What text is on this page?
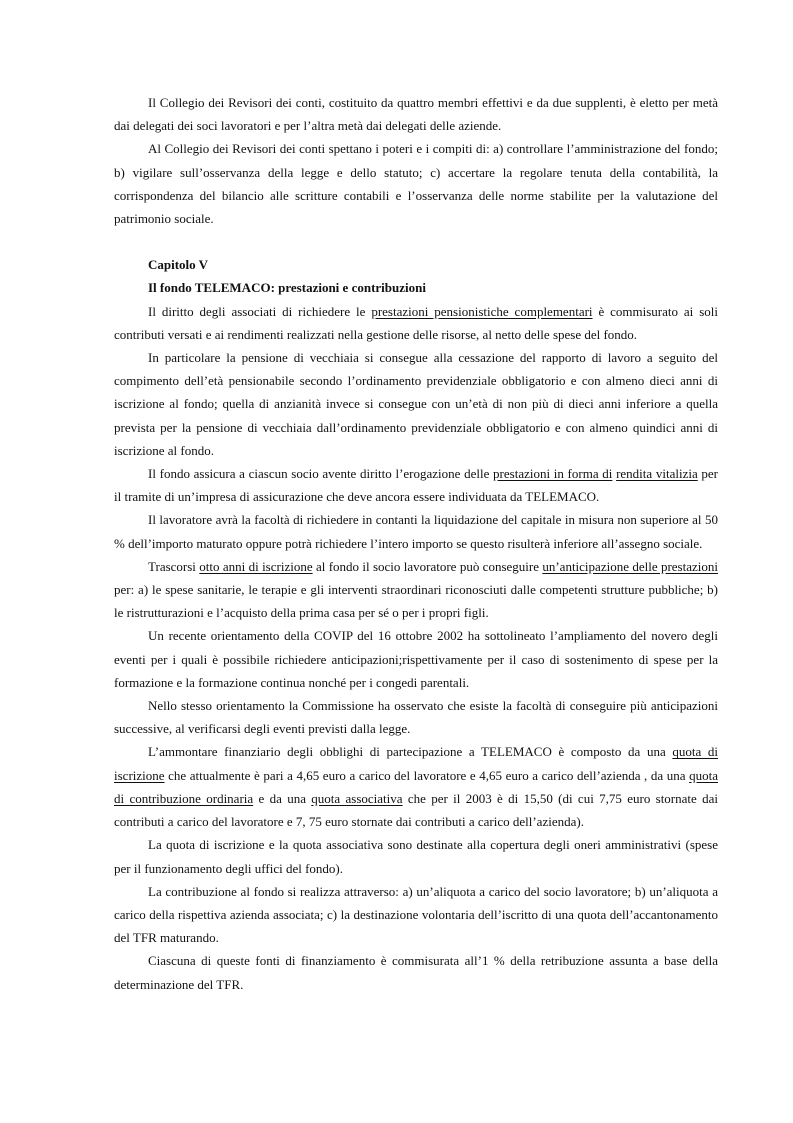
Il Collegio dei Revisori dei conti, costituito da quattro membri effettivi e da due supplenti, è eletto per metà dai delegati dei soci lavoratori e per l’altra metà dai delegati delle aziende.

Al Collegio dei Revisori dei conti spettano i poteri e i compiti di: a) controllare l’amministrazione del fondo; b) vigilare sull’osservanza della legge e dello statuto; c) accertare la regolare tenuta della contabilità, la corrispondenza del bilancio alle scritture contabili e l’osservanza delle norme stabilite per la valutazione del patrimonio sociale.

Capitolo V
Il fondo TELEMACO: prestazioni e contribuzioni

Il diritto degli associati di richiedere le prestazioni pensionistiche complementari è commisurato ai soli contributi versati e ai rendimenti realizzati nella gestione delle risorse, al netto delle spese del fondo.

In particolare la pensione di vecchiaia si consegue alla cessazione del rapporto di lavoro a seguito del compimento dell’età pensionabile secondo l’ordinamento previdenziale obbligatorio e con almeno dieci anni di iscrizione al fondo; quella di anzianità invece si consegue con un’età di non più di dieci anni inferiore a quella prevista per la pensione di vecchiaia dall’ordinamento previdenziale obbligatorio e con almeno quindici anni di iscrizione al fondo.

Il fondo assicura a ciascun socio avente diritto l’erogazione delle prestazioni in forma di rendita vitalizia per il tramite di un’impresa di assicurazione che deve ancora essere individuata da TELEMACO.

Il lavoratore avrà la facoltà di richiedere in contanti la liquidazione del capitale in misura non superiore al 50 % dell’importo maturato oppure potrà richiedere l’intero importo se questo risulterà inferiore all’assegno sociale.

Trascorsi otto anni di iscrizione al fondo il socio lavoratore può conseguire un’anticipazione delle prestazioni per: a) le spese sanitarie, le terapie e gli interventi straordinari riconosciuti dalle competenti strutture pubbliche; b) le ristrutturazioni e l’acquisto della prima casa per sé o per i propri figli.

Un recente orientamento della COVIP del 16 ottobre 2002 ha sottolineato l’ampliamento del novero degli eventi per i quali è possibile richiedere anticipazioni;rispettivamente per il caso di sostenimento di spese per la formazione e la formazione continua nonché per i congedi parentali.

Nello stesso orientamento la Commissione ha osservato che esiste la facoltà di conseguire più anticipazioni successive, al verificarsi degli eventi previsti dalla legge.

L’ammontare finanziario degli obblighi di partecipazione a TELEMACO è composto da una quota di iscrizione che attualmente è pari a 4,65 euro a carico del lavoratore e 4,65 euro a carico dell’azienda , da una quota di contribuzione ordinaria e da una quota associativa che per il 2003 è di 15,50 (di cui 7,75 euro stornate dai contributi a carico del lavoratore e 7, 75 euro stornate dai contributi a carico dell’azienda).

La quota di iscrizione e la quota associativa sono destinate alla copertura degli oneri amministrativi (spese per il funzionamento degli uffici del fondo).

La contribuzione al fondo si realizza attraverso: a) un’aliquota a carico del socio lavoratore; b) un’aliquota a carico della rispettiva azienda associata; c) la destinazione volontaria dell’iscritto di una quota dell’accantonamento del TFR maturando.

Ciascuna di queste fonti di finanziamento è commisurata all’1 % della retribuzione assunta a base della determinazione del TFR.
